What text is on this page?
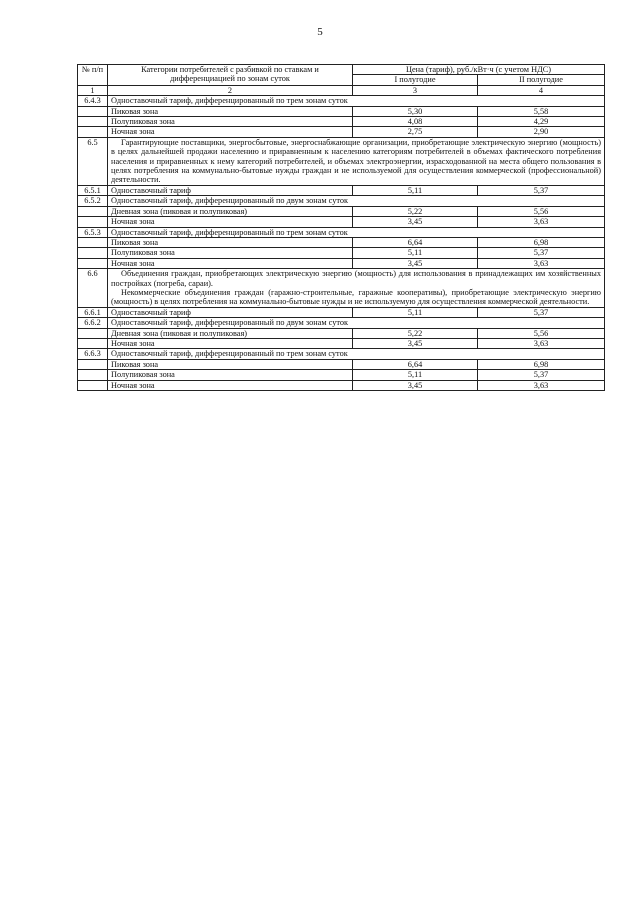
5
№ п/п	Категории потребителей с разбивкой по ставкам и дифференциацией по зонам суток	Цена (тариф), руб./кВт·ч (с учетом НДС)	
		I полугодие	II полугодие
1	2	3	4
6.4.3	Одноставочный тариф, дифференцированный по трем зонам суток		
	Пиковая зона	5,30	5,58
	Полупиковая зона	4,08	4,29
	Ночная зона	2,75	2,90
6.5	Гарантирующие поставщики, энергосбытовые, энергоснабжающие организации, приобретающие электрическую энергию (мощность) в целях дальнейшей продажи населению и приравненным к населению категориям потребителей в объемах фактического потребления населения и приравненных к нему категорий потребителей, и объемах электроэнергии, израсходованной на места общего пользования в целях потребления на коммунально-бытовые нужды граждан и не используемой для осуществления коммерческой (профессиональной) деятельности.		

6.5.1	Одноставочный тариф	5,11	5,37
6.5.2	Одноставочный тариф, дифференцированный по двум зонам суток		
	Дневная зона (пиковая и полупиковая)	5,22	5,56
	Ночная зона	3,45	3,63
6.5.3	Одноставочный тариф, дифференцированный по трем зонам суток		
	Пиковая зона	6,64	6,98
	Полупиковая зона	5,11	5,37
	Ночная зона	3,45	3,63
6.6	Объединения граждан, приобретающих электрическую энергию (мощность) для использования в принадлежащих им хозяйственных постройках (погреба, сараи).
Некоммерческие объединения граждан (гаражно-строительные, гаражные кооперативы), приобретающие электрическую энергию (мощность) в целях потребления на коммунально-бытовые нужды и не используемую для осуществления коммерческой деятельности.		

6.6.1	Одноставочный тариф	5,11	5,37
6.6.2	Одноставочный тариф, дифференцированный по двум зонам суток		
	Дневная зона (пиковая и полупиковая)	5,22	5,56
	Ночная зона	3,45	3,63
6.6.3	Одноставочный тариф, дифференцированный по трем зонам суток		
	Пиковая зона	6,64	6,98
	Полупиковая зона	5,11	5,37
	Ночная зона	3,45	3,63
